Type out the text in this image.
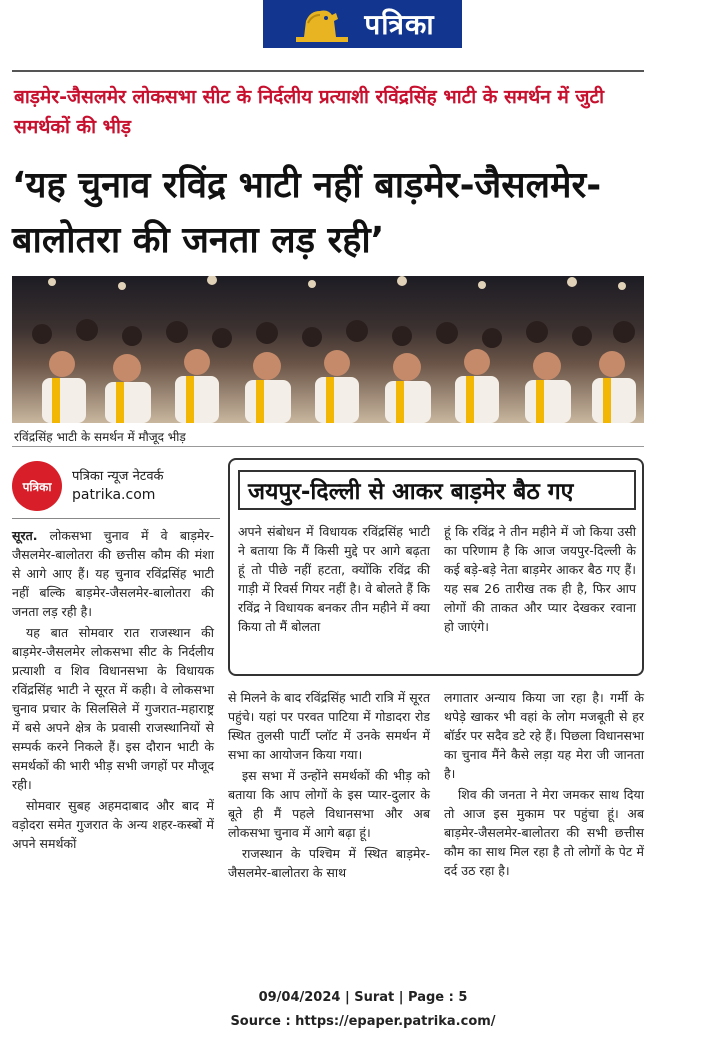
पत्रिका
बाड़मेर-जैसलमेर लोकसभा सीट के निर्दलीय प्रत्याशी रविंद्रसिंह भाटी के समर्थन में जुटी समर्थकों की भीड़
‘यह चुनाव रविंद्र भाटी नहीं बाड़मेर-जैसलमेर-बालोतरा की जनता लड़ रही’
रविंद्रसिंह भाटी के समर्थन में मौजूद भीड़
पत्रिका
पत्रिका न्यूज नेटवर्क
patrika.com	जयपुर-दिल्ली से आकर बाड़मेर बैठ गए
अपने संबोधन में विधायक रविंद्रसिंह भाटी ने बताया कि मैं किसी मुद्दे पर आगे बढ़ता हूं तो पीछे नहीं हटता, क्योंकि रविंद्र की गाड़ी में रिवर्स गियर नहीं है। वे बोलते हैं कि रविंद्र ने विधायक बनकर तीन महीने में क्या किया तो मैं बोलता
हूं कि रविंद्र ने तीन महीने में जो किया उसी का परिणाम है कि आज जयपुर-दिल्ली के कई बड़े-बड़े नेता बाड़मेर आकर बैठ गए हैं। यह सब 26 तारीख तक ही है, फिर आप लोगों की ताकत और प्यार देखकर रवाना हो जाएंगे।

सूरत. लोकसभा चुनाव में वे बाड़मेर-जैसलमेर-बालोतरा की छत्तीस कौम की मंशा से आगे आए हैं। यह चुनाव रविंद्रसिंह भाटी नहीं बल्कि बाड़मेर-जैसलमेर-बालोतरा की जनता लड़ रही है।

यह बात सोमवार रात राजस्थान की बाड़मेर-जैसलमेर लोकसभा सीट के निर्दलीय प्रत्याशी व शिव विधानसभा के विधायक रविंद्रसिंह भाटी ने सूरत में कही। वे लोकसभा चुनाव प्रचार के सिलसिले में गुजरात-महाराष्ट्र में बसे अपने क्षेत्र के प्रवासी राजस्थानियों से सम्पर्क करने निकले हैं। इस दौरान भाटी के समर्थकों की भारी भीड़ सभी जगहों पर मौजूद रही।

सोमवार सुबह अहमदाबाद और बाद में वड़ोदरा समेत गुजरात के अन्य शहर-कस्बों में अपने समर्थकों

से मिलने के बाद रविंद्रसिंह भाटी रात्रि में सूरत पहुंचे। यहां पर परवत पाटिया में गोडादरा रोड स्थित तुलसी पार्टी प्लॉट में उनके समर्थन में सभा का आयोजन किया गया।

इस सभा में उन्होंने समर्थकों की भीड़ को बताया कि आप लोगों के इस प्यार-दुलार के बूते ही मैं पहले विधानसभा और अब लोकसभा चुनाव में आगे बढ़ा हूं।

राजस्थान के पश्चिम में स्थित बाड़मेर-जैसलमेर-बालोतरा के साथ

लगातार अन्याय किया जा रहा है। गर्मी के थपेड़े खाकर भी वहां के लोग मजबूती से हर बॉर्डर पर सदैव डटे रहे हैं। पिछला विधानसभा का चुनाव मैंने कैसे लड़ा यह मेरा जी जानता है।

शिव की जनता ने मेरा जमकर साथ दिया तो आज इस मुकाम पर पहुंचा हूं। अब बाड़मेर-जैसलमेर-बालोतरा की सभी छत्तीस कौम का साथ मिल रहा है तो लोगों के पेट में दर्द उठ रहा है।

09/04/2024 | Surat | Page : 5
Source : https://epaper.patrika.com/
